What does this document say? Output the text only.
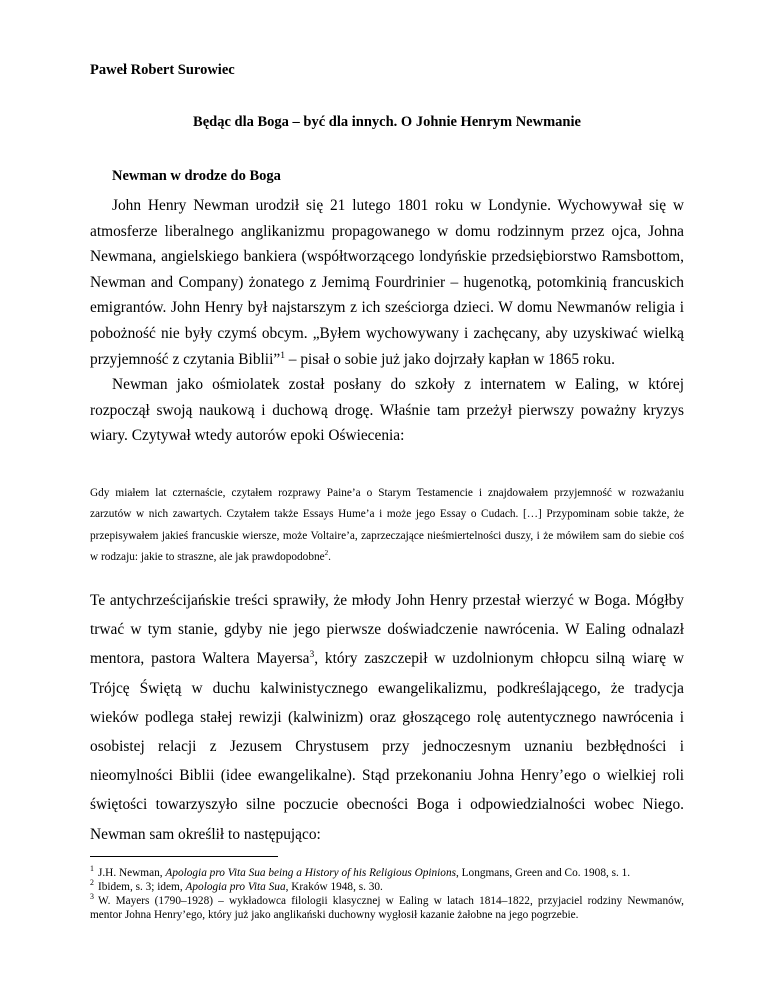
Paweł Robert Surowiec

Będąc dla Boga – być dla innych. O Johnie Henrym Newmanie

Newman w drodze do Boga

John Henry Newman urodził się 21 lutego 1801 roku w Londynie. Wychowywał się w atmosferze liberalnego anglikanizmu propagowanego w domu rodzinnym przez ojca, Johna Newmana, angielskiego bankiera (współtworzącego londyńskie przedsiębiorstwo Ramsbottom, Newman and Company) żonatego z Jemimą Fourdrinier – hugenotką, potomkinią francuskich emigrantów. John Henry był najstarszym z ich sześciorga dzieci. W domu Newmanów religia i pobożność nie były czymś obcym. „Byłem wychowywany i zachęcany, aby uzyskiwać wielką przyjemność z czytania Biblii”$^1$ – pisał o sobie już jako dojrzały kapłan w 1865 roku.

Newman jako ośmiolatek został posłany do szkoły z internatem w Ealing, w której rozpoczął swoją naukową i duchową drogę. Właśnie tam przeżył pierwszy poważny kryzys wiary. Czytywał wtedy autorów epoki Oświecenia:

Gdy miałem lat czternaście, czytałem rozprawy Paine’a o Starym Testamencie i znajdowałem przyjemność w rozważaniu zarzutów w nich zawartych. Czytałem także Essays Hume’a i może jego Essay o Cudach. […] Przypominam sobie także, że przepisywałem jakieś francuskie wiersze, może Voltaire’a, zaprzeczające nieśmiertelności duszy, i że mówiłem sam do siebie coś w rodzaju: jakie to straszne, ale jak prawdopodobne$^2$.

Te antychrześcijańskie treści sprawiły, że młody John Henry przestał wierzyć w Boga. Mógłby trwać w tym stanie, gdyby nie jego pierwsze doświadczenie nawrócenia. W Ealing odnalazł mentora, pastora Waltera Mayersa$^3$, który zaszczepił w uzdolnionym chłopcu silną wiarę w Trójcę Świętą w duchu kalwinistycznego ewangelikalizmu, podkreślającego, że tradycja wieków podlega stałej rewizji (kalwinizm) oraz głoszącego rolę autentycznego nawrócenia i osobistej relacji z Jezusem Chrystusem przy jednoczesnym uznaniu bezbłędności i nieomylności Biblii (idee ewangelikalne). Stąd przekonaniu Johna Henry’ego o wielkiej roli świętości towarzyszyło silne poczucie obecności Boga i odpowiedzialności wobec Niego. Newman sam określił to następująco:

$^1$ J.H. Newman, Apologia pro Vita Sua being a History of his Religious Opinions, Longmans, Green and Co. 1908, s. 1.

$^2$ Ibidem, s. 3; idem, Apologia pro Vita Sua, Kraków 1948, s. 30.

$^3$ W. Mayers (1790–1928) – wykładowca filologii klasycznej w Ealing w latach 1814–1822, przyjaciel rodziny Newmanów, mentor Johna Henry’ego, który już jako anglikański duchowny wygłosił kazanie żałobne na jego pogrzebie.
